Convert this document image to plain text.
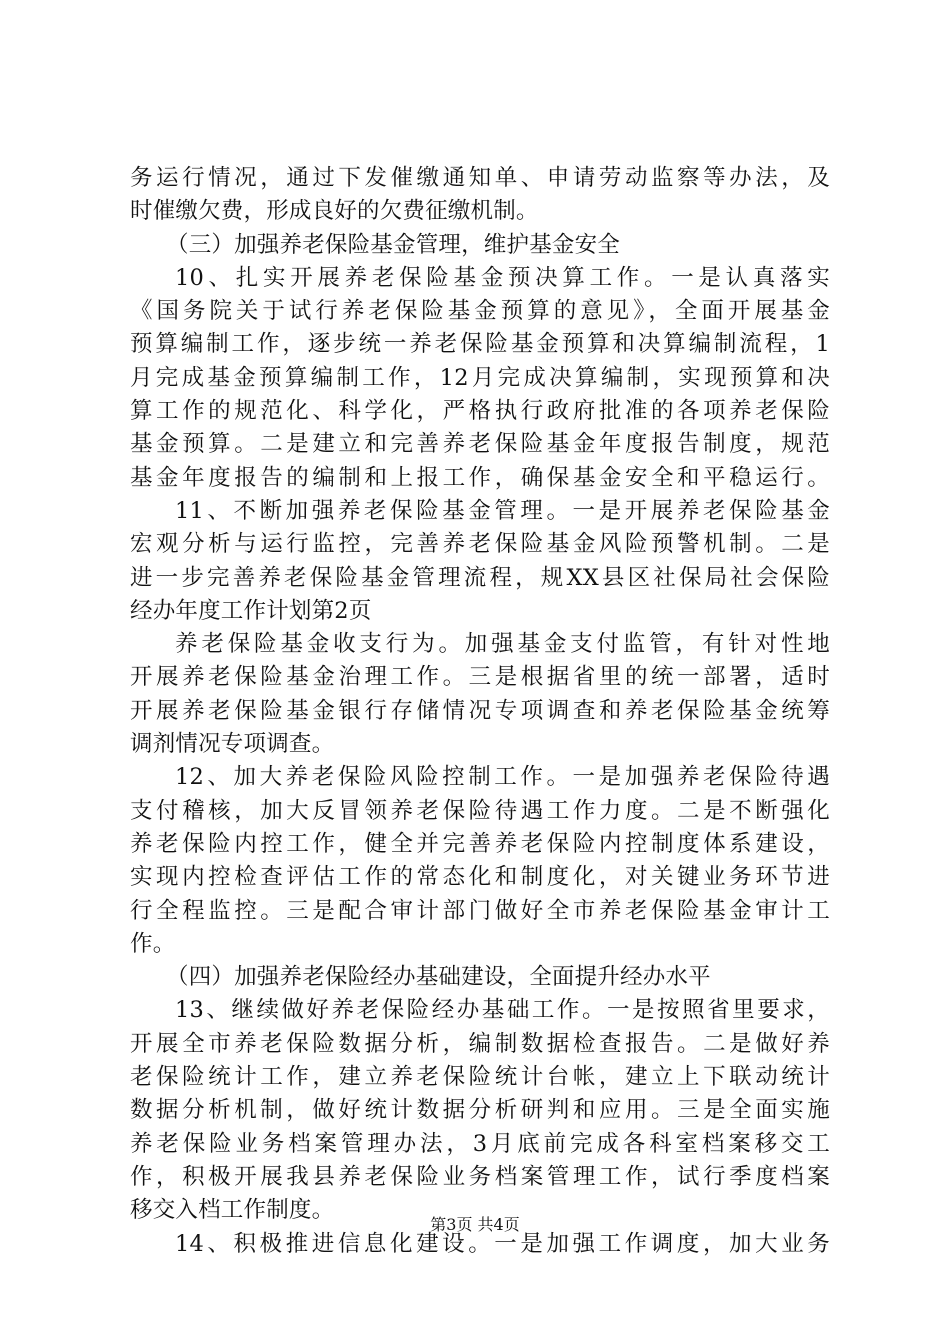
务运行情况，通过下发催缴通知单、申请劳动监察等办法，及
时催缴欠费，形成良好的欠费征缴机制。
（三）加强养老保险基金管理，维护基金安全
10、扎实开展养老保险基金预决算工作。一是认真落实
《国务院关于试行养老保险基金预算的意见》，全面开展基金
预算编制工作，逐步统一养老保险基金预算和决算编制流程，1
月完成基金预算编制工作，12月完成决算编制，实现预算和决
算工作的规范化、科学化，严格执行政府批准的各项养老保险
基金预算。二是建立和完善养老保险基金年度报告制度，规范
基金年度报告的编制和上报工作，确保基金安全和平稳运行。
11、不断加强养老保险基金管理。一是开展养老保险基金
宏观分析与运行监控，完善养老保险基金风险预警机制。二是
进一步完善养老保险基金管理流程，规XX县区社保局社会保险
经办年度工作计划第2页
养老保险基金收支行为。加强基金支付监管，有针对性地
开展养老保险基金治理工作。三是根据省里的统一部署，适时
开展养老保险基金银行存储情况专项调查和养老保险基金统筹
调剂情况专项调查。
12、加大养老保险风险控制工作。一是加强养老保险待遇
支付稽核，加大反冒领养老保险待遇工作力度。二是不断强化
养老保险内控工作，健全并完善养老保险内控制度体系建设，
实现内控检查评估工作的常态化和制度化，对关键业务环节进
行全程监控。三是配合审计部门做好全市养老保险基金审计工
作。
（四）加强养老保险经办基础建设，全面提升经办水平
13、继续做好养老保险经办基础工作。一是按照省里要求，
开展全市养老保险数据分析，编制数据检查报告。二是做好养
老保险统计工作，建立养老保险统计台帐，建立上下联动统计
数据分析机制，做好统计数据分析研判和应用。三是全面实施
养老保险业务档案管理办法，3月底前完成各科室档案移交工
作，积极开展我县养老保险业务档案管理工作，试行季度档案
移交入档工作制度。
14、积极推进信息化建设。一是加强工作调度，加大业务
第3页 共4页
